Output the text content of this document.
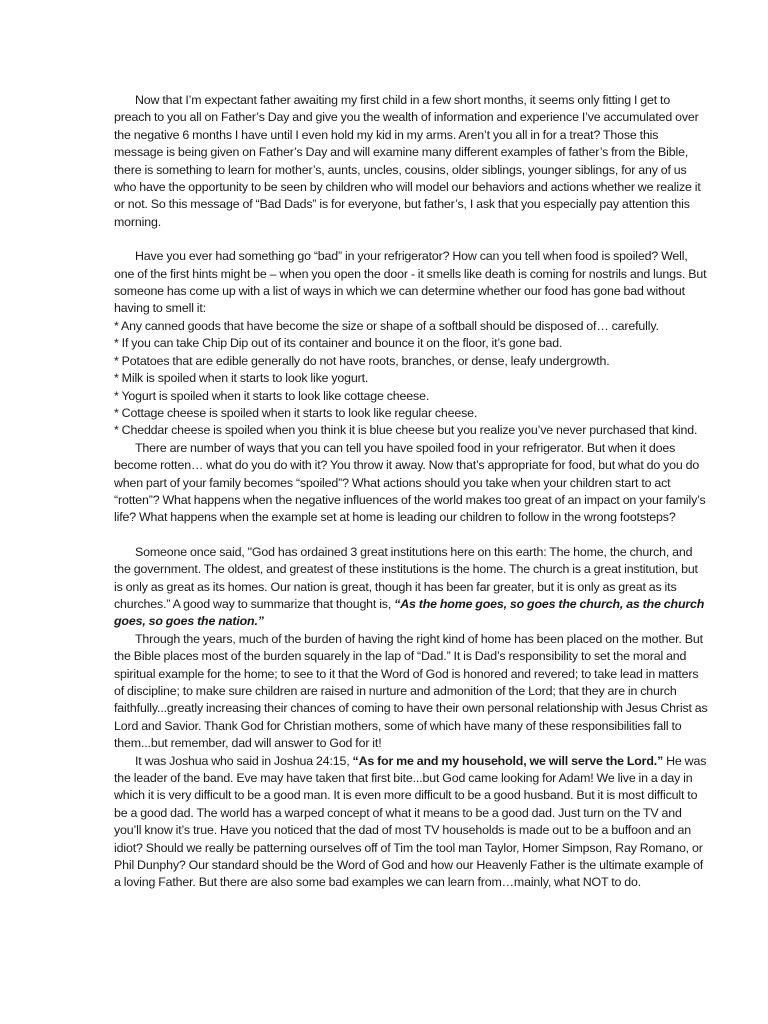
Now that I’m expectant father awaiting my first child in a few short months, it seems only fitting I get to preach to you all on Father’s Day and give you the wealth of information and experience I’ve accumulated over the negative 6 months I have until I even hold my kid in my arms. Aren’t you all in for a treat? Those this message is being given on Father’s Day and will examine many different examples of father’s from the Bible, there is something to learn for mother’s, aunts, uncles, cousins, older siblings, younger siblings, for any of us who have the opportunity to be seen by children who will model our behaviors and actions whether we realize it or not. So this message of “Bad Dads” is for everyone, but father’s, I ask that you especially pay attention this morning.

Have you ever had something go “bad” in your refrigerator? How can you tell when food is spoiled? Well, one of the first hints might be – when you open the door - it smells like death is coming for nostrils and lungs. But someone has come up with a list of ways in which we can determine whether our food has gone bad without having to smell it:

* Any canned goods that have become the size or shape of a softball should be disposed of… carefully.

* If you can take Chip Dip out of its container and bounce it on the floor, it’s gone bad.

* Potatoes that are edible generally do not have roots, branches, or dense, leafy undergrowth.

* Milk is spoiled when it starts to look like yogurt.

* Yogurt is spoiled when it starts to look like cottage cheese.

* Cottage cheese is spoiled when it starts to look like regular cheese.

* Cheddar cheese is spoiled when you think it is blue cheese but you realize you’ve never purchased that kind.

There are number of ways that you can tell you have spoiled food in your refrigerator. But when it does become rotten… what do you do with it? You throw it away. Now that’s appropriate for food, but what do you do when part of your family becomes “spoiled”? What actions should you take when your children start to act “rotten”? What happens when the negative influences of the world makes too great of an impact on your family’s life? What happens when the example set at home is leading our children to follow in the wrong footsteps?

Someone once said, "God has ordained 3 great institutions here on this earth: The home, the church, and the government. The oldest, and greatest of these institutions is the home. The church is a great institution, but is only as great as its homes. Our nation is great, though it has been far greater, but it is only as great as its churches.” A good way to summarize that thought is, “As the home goes, so goes the church, as the church goes, so goes the nation.”

Through the years, much of the burden of having the right kind of home has been placed on the mother. But the Bible places most of the burden squarely in the lap of “Dad.” It is Dad’s responsibility to set the moral and spiritual example for the home; to see to it that the Word of God is honored and revered; to take lead in matters of discipline; to make sure children are raised in nurture and admonition of the Lord; that they are in church faithfully...greatly increasing their chances of coming to have their own personal relationship with Jesus Christ as Lord and Savior. Thank God for Christian mothers, some of which have many of these responsibilities fall to them...but remember, dad will answer to God for it!

It was Joshua who said in Joshua 24:15, “As for me and my household, we will serve the Lord.” He was the leader of the band. Eve may have taken that first bite...but God came looking for Adam! We live in a day in which it is very difficult to be a good man. It is even more difficult to be a good husband. But it is most difficult to be a good dad. The world has a warped concept of what it means to be a good dad. Just turn on the TV and you’ll know it’s true. Have you noticed that the dad of most TV households is made out to be a buffoon and an idiot? Should we really be patterning ourselves off of Tim the tool man Taylor, Homer Simpson, Ray Romano, or Phil Dunphy? Our standard should be the Word of God and how our Heavenly Father is the ultimate example of a loving Father. But there are also some bad examples we can learn from…mainly, what NOT to do.
